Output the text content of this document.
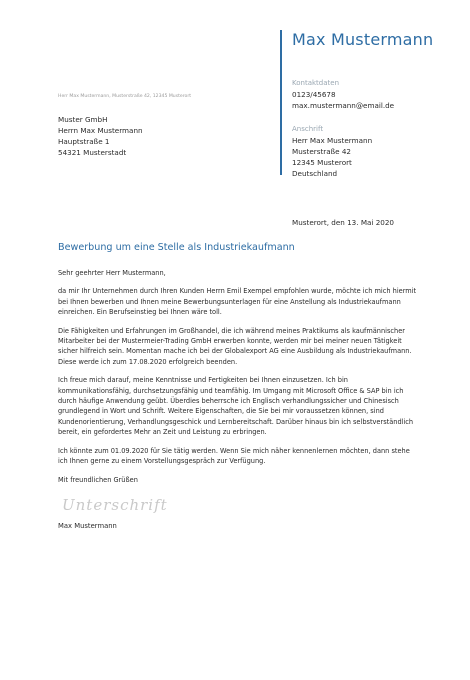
Max Mustermann
Kontaktdaten
0123/45678
max.mustermann@email.de
Anschrift
Herr Max Mustermann
Musterstraße 42
12345 Musterort
Deutschland
Herr Max Mustermann, Musterstraße 42, 12345 Musterort
Muster GmbH
Herrn Max Mustermann
Hauptstraße 1
54321 Musterstadt
Musterort, den 13. Mai 2020
Bewerbung um eine Stelle als Industriekaufmann

Sehr geehrter Herr Mustermann,

da mir Ihr Unternehmen durch Ihren Kunden Herrn Emil Exempel empfohlen wurde, möchte ich mich hiermit bei Ihnen bewerben und Ihnen meine Bewerbungsunterlagen für eine Anstellung als Industriekaufmann einreichen. Ein Berufseinstieg bei Ihnen wäre toll.

Die Fähigkeiten und Erfahrungen im Großhandel, die ich während meines Praktikums als kaufmännischer Mitarbeiter bei der Mustermeier-Trading GmbH erwerben konnte, werden mir bei meiner neuen Tätigkeit sicher hilfreich sein. Momentan mache ich bei der Globalexport AG eine Ausbildung als Industriekaufmann. Diese werde ich zum 17.08.2020 erfolgreich beenden.

Ich freue mich darauf, meine Kenntnisse und Fertigkeiten bei Ihnen einzusetzen. Ich bin kommunikationsfähig, durchsetzungsfähig und teamfähig. Im Umgang mit Microsoft Office & SAP bin ich durch häufige Anwendung geübt. Überdies beherrsche ich Englisch verhandlungssicher und Chinesisch grundlegend in Wort und Schrift. Weitere Eigenschaften, die Sie bei mir voraussetzen können, sind Kundenorientierung, Verhandlungsgeschick und Lernbereitschaft. Darüber hinaus bin ich selbstverständlich bereit, ein gefordertes Mehr an Zeit und Leistung zu erbringen.

Ich könnte zum 01.09.2020 für Sie tätig werden. Wenn Sie mich näher kennenlernen möchten, dann stehe ich Ihnen gerne zu einem Vorstellungsgespräch zur Verfügung.

Mit freundlichen Grüßen

Unterschrift
Max Mustermann
